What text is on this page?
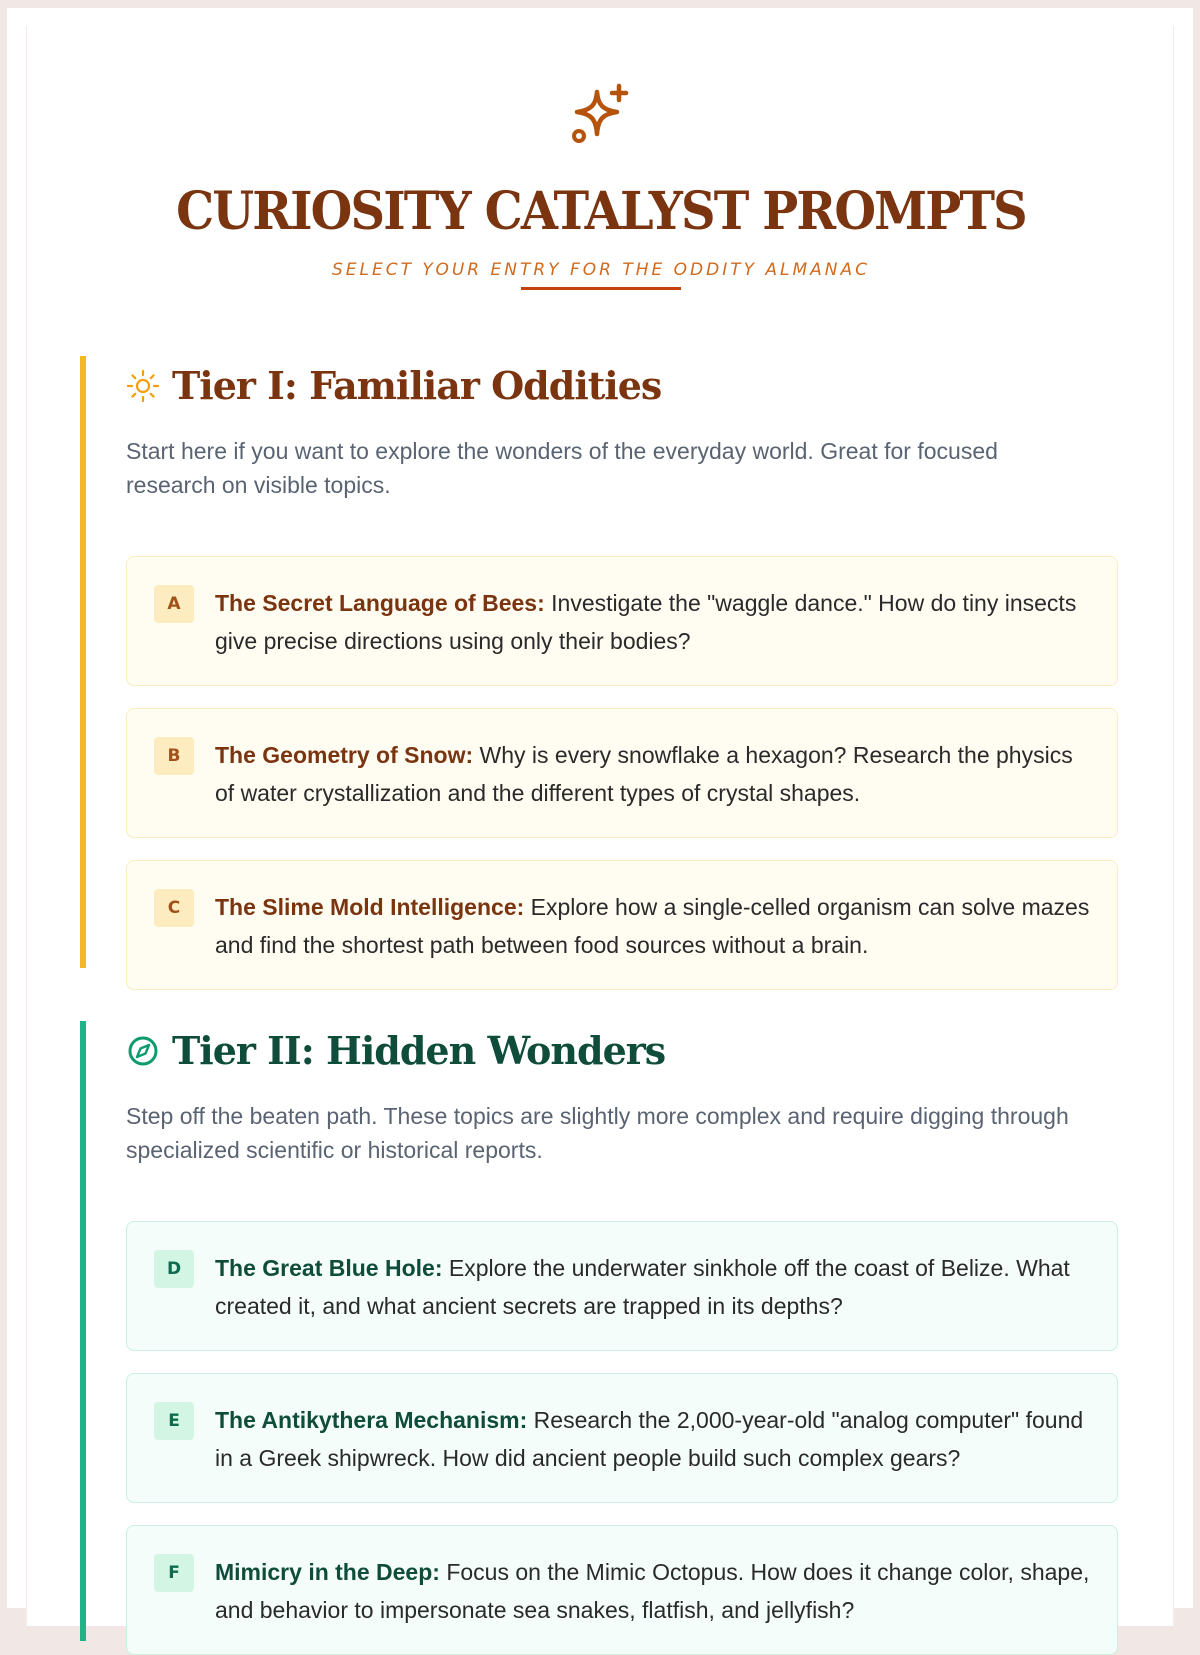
CURIOSITY CATALYST PROMPTS
SELECT YOUR ENTRY FOR THE ODDITY ALMANAC
Tier I: Familiar Oddities

Start here if you want to explore the wonders of the everyday world. Great for focused research on visible topics.

A	The Secret Language of Bees: Investigate the "waggle dance." How do tiny insects give precise directions using only their bodies?

B	The Geometry of Snow: Why is every snowflake a hexagon? Research the physics of water crystallization and the different types of crystal shapes.

C	The Slime Mold Intelligence: Explore how a single-celled organism can solve mazes and find the shortest path between food sources without a brain.

Tier II: Hidden Wonders

Step off the beaten path. These topics are slightly more complex and require digging through specialized scientific or historical reports.

D	The Great Blue Hole: Explore the underwater sinkhole off the coast of Belize. What created it, and what ancient secrets are trapped in its depths?

E	The Antikythera Mechanism: Research the 2,000-year-old "analog computer" found in a Greek shipwreck. How did ancient people build such complex gears?

F	Mimicry in the Deep: Focus on the Mimic Octopus. How does it change color, shape, and behavior to impersonate sea snakes, flatfish, and jellyfish?
